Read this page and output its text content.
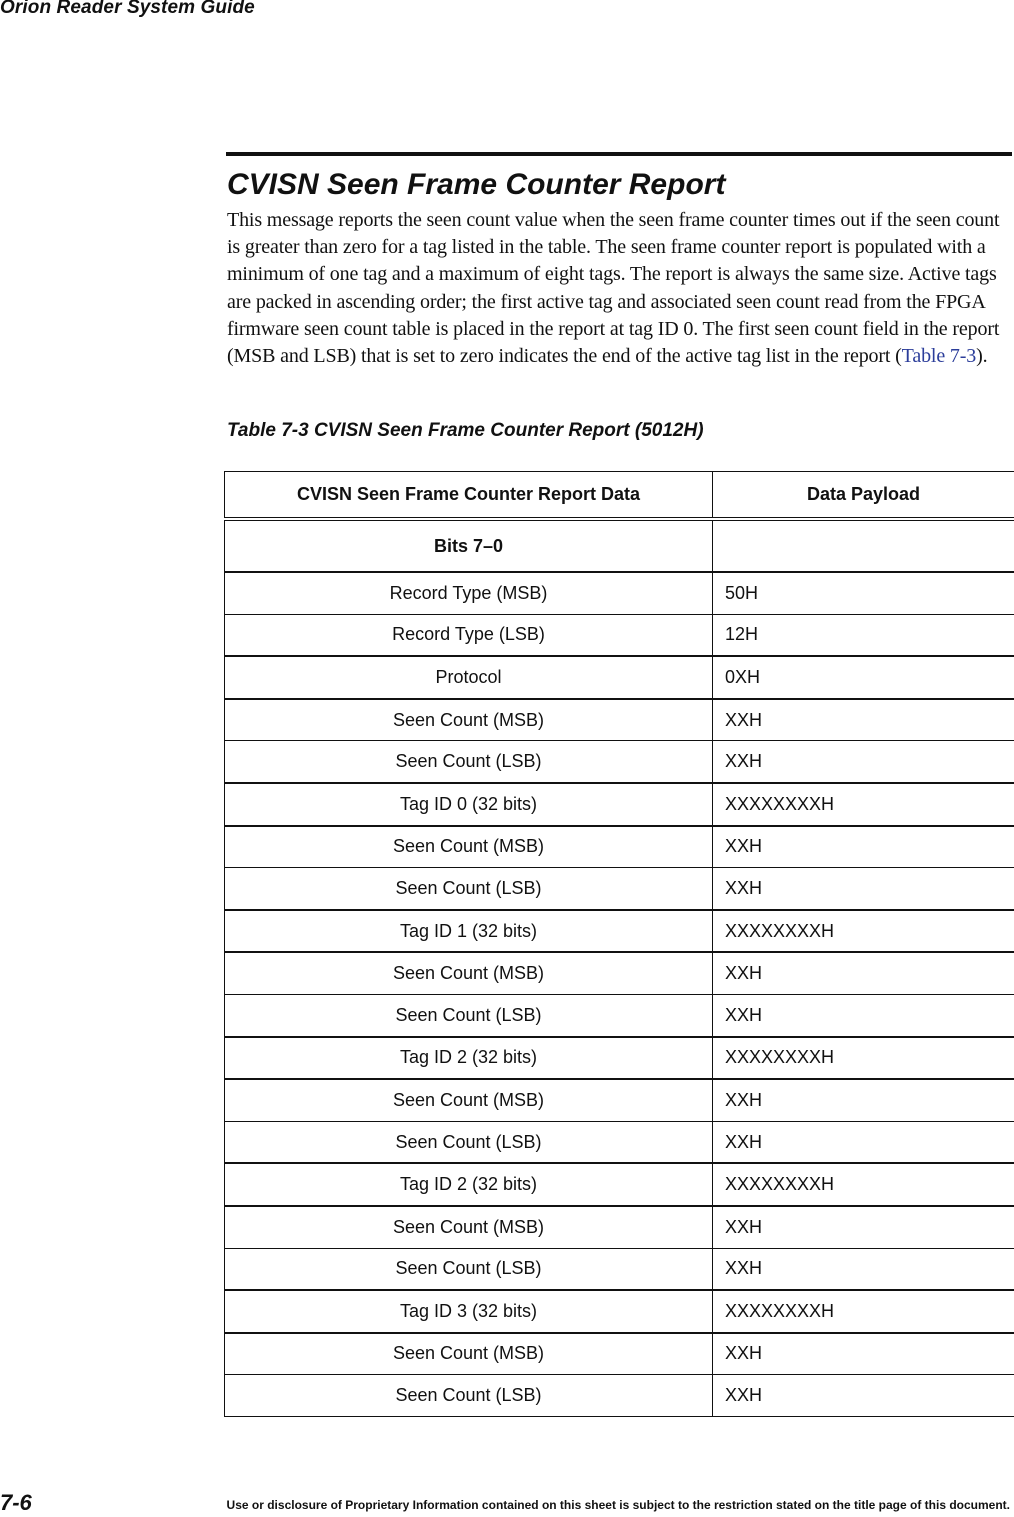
Orion Reader System Guide
CVISN Seen Frame Counter Report

This message reports the seen count value when the seen frame counter times out if the seen count is greater than zero for a tag listed in the table. The seen frame counter report is populated with a minimum of one tag and a maximum of eight tags. The report is always the same size. Active tags are packed in ascending order; the first active tag and associated seen count read from the FPGA firmware seen count table is placed in the report at tag ID 0. The first seen count field in the report (MSB and LSB) that is set to zero indicates the end of the active tag list in the report (Table 7-3).

Table 7-3 CVISN Seen Frame Counter Report (5012H)
CVISN Seen Frame Counter Report Data	Data Payload
Bits 7–0	
Record Type (MSB)	50H
Record Type (LSB)	12H
Protocol	0XH
Seen Count (MSB)	XXH
Seen Count (LSB)	XXH
Tag ID 0 (32 bits)	XXXXXXXXH
Seen Count (MSB)	XXH
Seen Count (LSB)	XXH
Tag ID 1 (32 bits)	XXXXXXXXH
Seen Count (MSB)	XXH
Seen Count (LSB)	XXH
Tag ID 2 (32 bits)	XXXXXXXXH
Seen Count (MSB)	XXH
Seen Count (LSB)	XXH
Tag ID 2 (32 bits)	XXXXXXXXH
Seen Count (MSB)	XXH
Seen Count (LSB)	XXH
Tag ID 3 (32 bits)	XXXXXXXXH
Seen Count (MSB)	XXH
Seen Count (LSB)	XXH
7-6	Use or disclosure of Proprietary Information contained on this sheet is subject to the restriction stated on the title page of this document.
